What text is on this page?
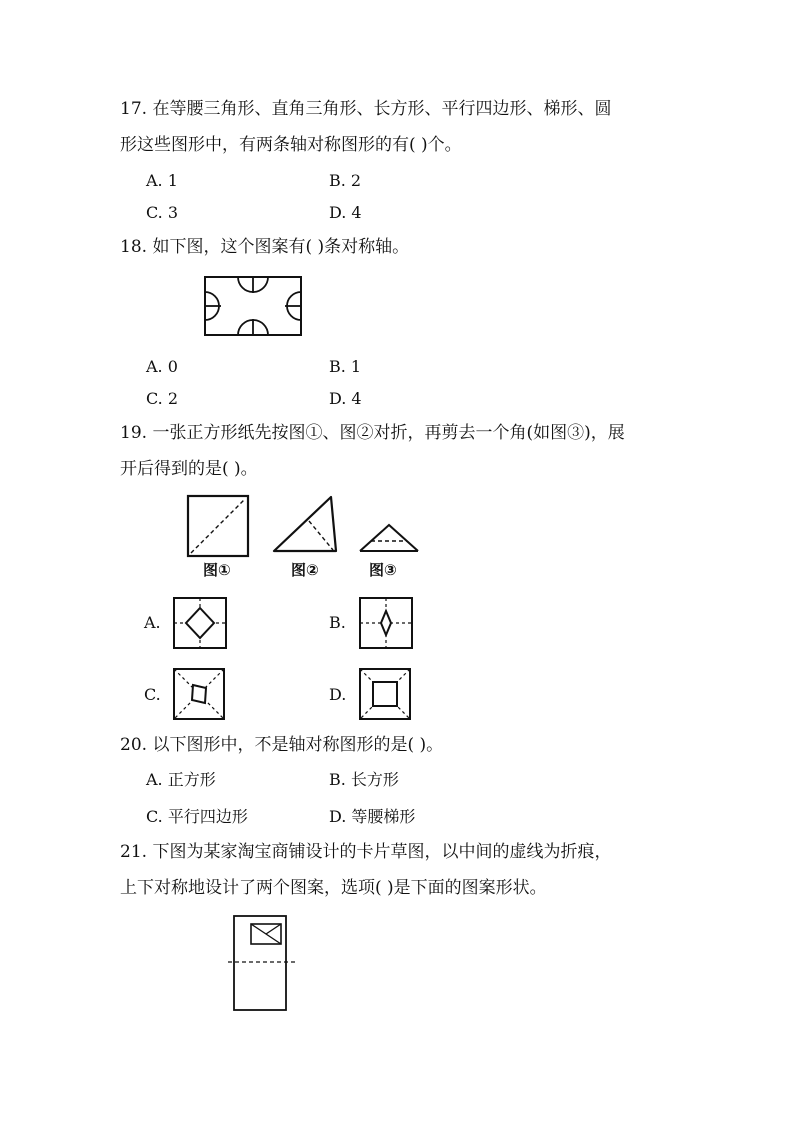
17. 在等腰三角形、直角三角形、长方形、平行四边形、梯形、圆
形这些图形中，有两条轴对称图形的有( )个。
A. 1	B. 2
C. 3	D. 4
18. 如下图，这个图案有( )条对称轴。
A. 0	B. 1
C. 2	D. 4
19. 一张正方形纸先按图①、图②对折，再剪去一个角(如图③)，展
开后得到的是( )。
图①	图②	图③
A.	B.
C.	D.
20. 以下图形中，不是轴对称图形的是( )。
A. 正方形	B. 长方形
C. 平行四边形	D. 等腰梯形
21. 下图为某家淘宝商铺设计的卡片草图，以中间的虚线为折痕，
上下对称地设计了两个图案，选项( )是下面的图案形状。
